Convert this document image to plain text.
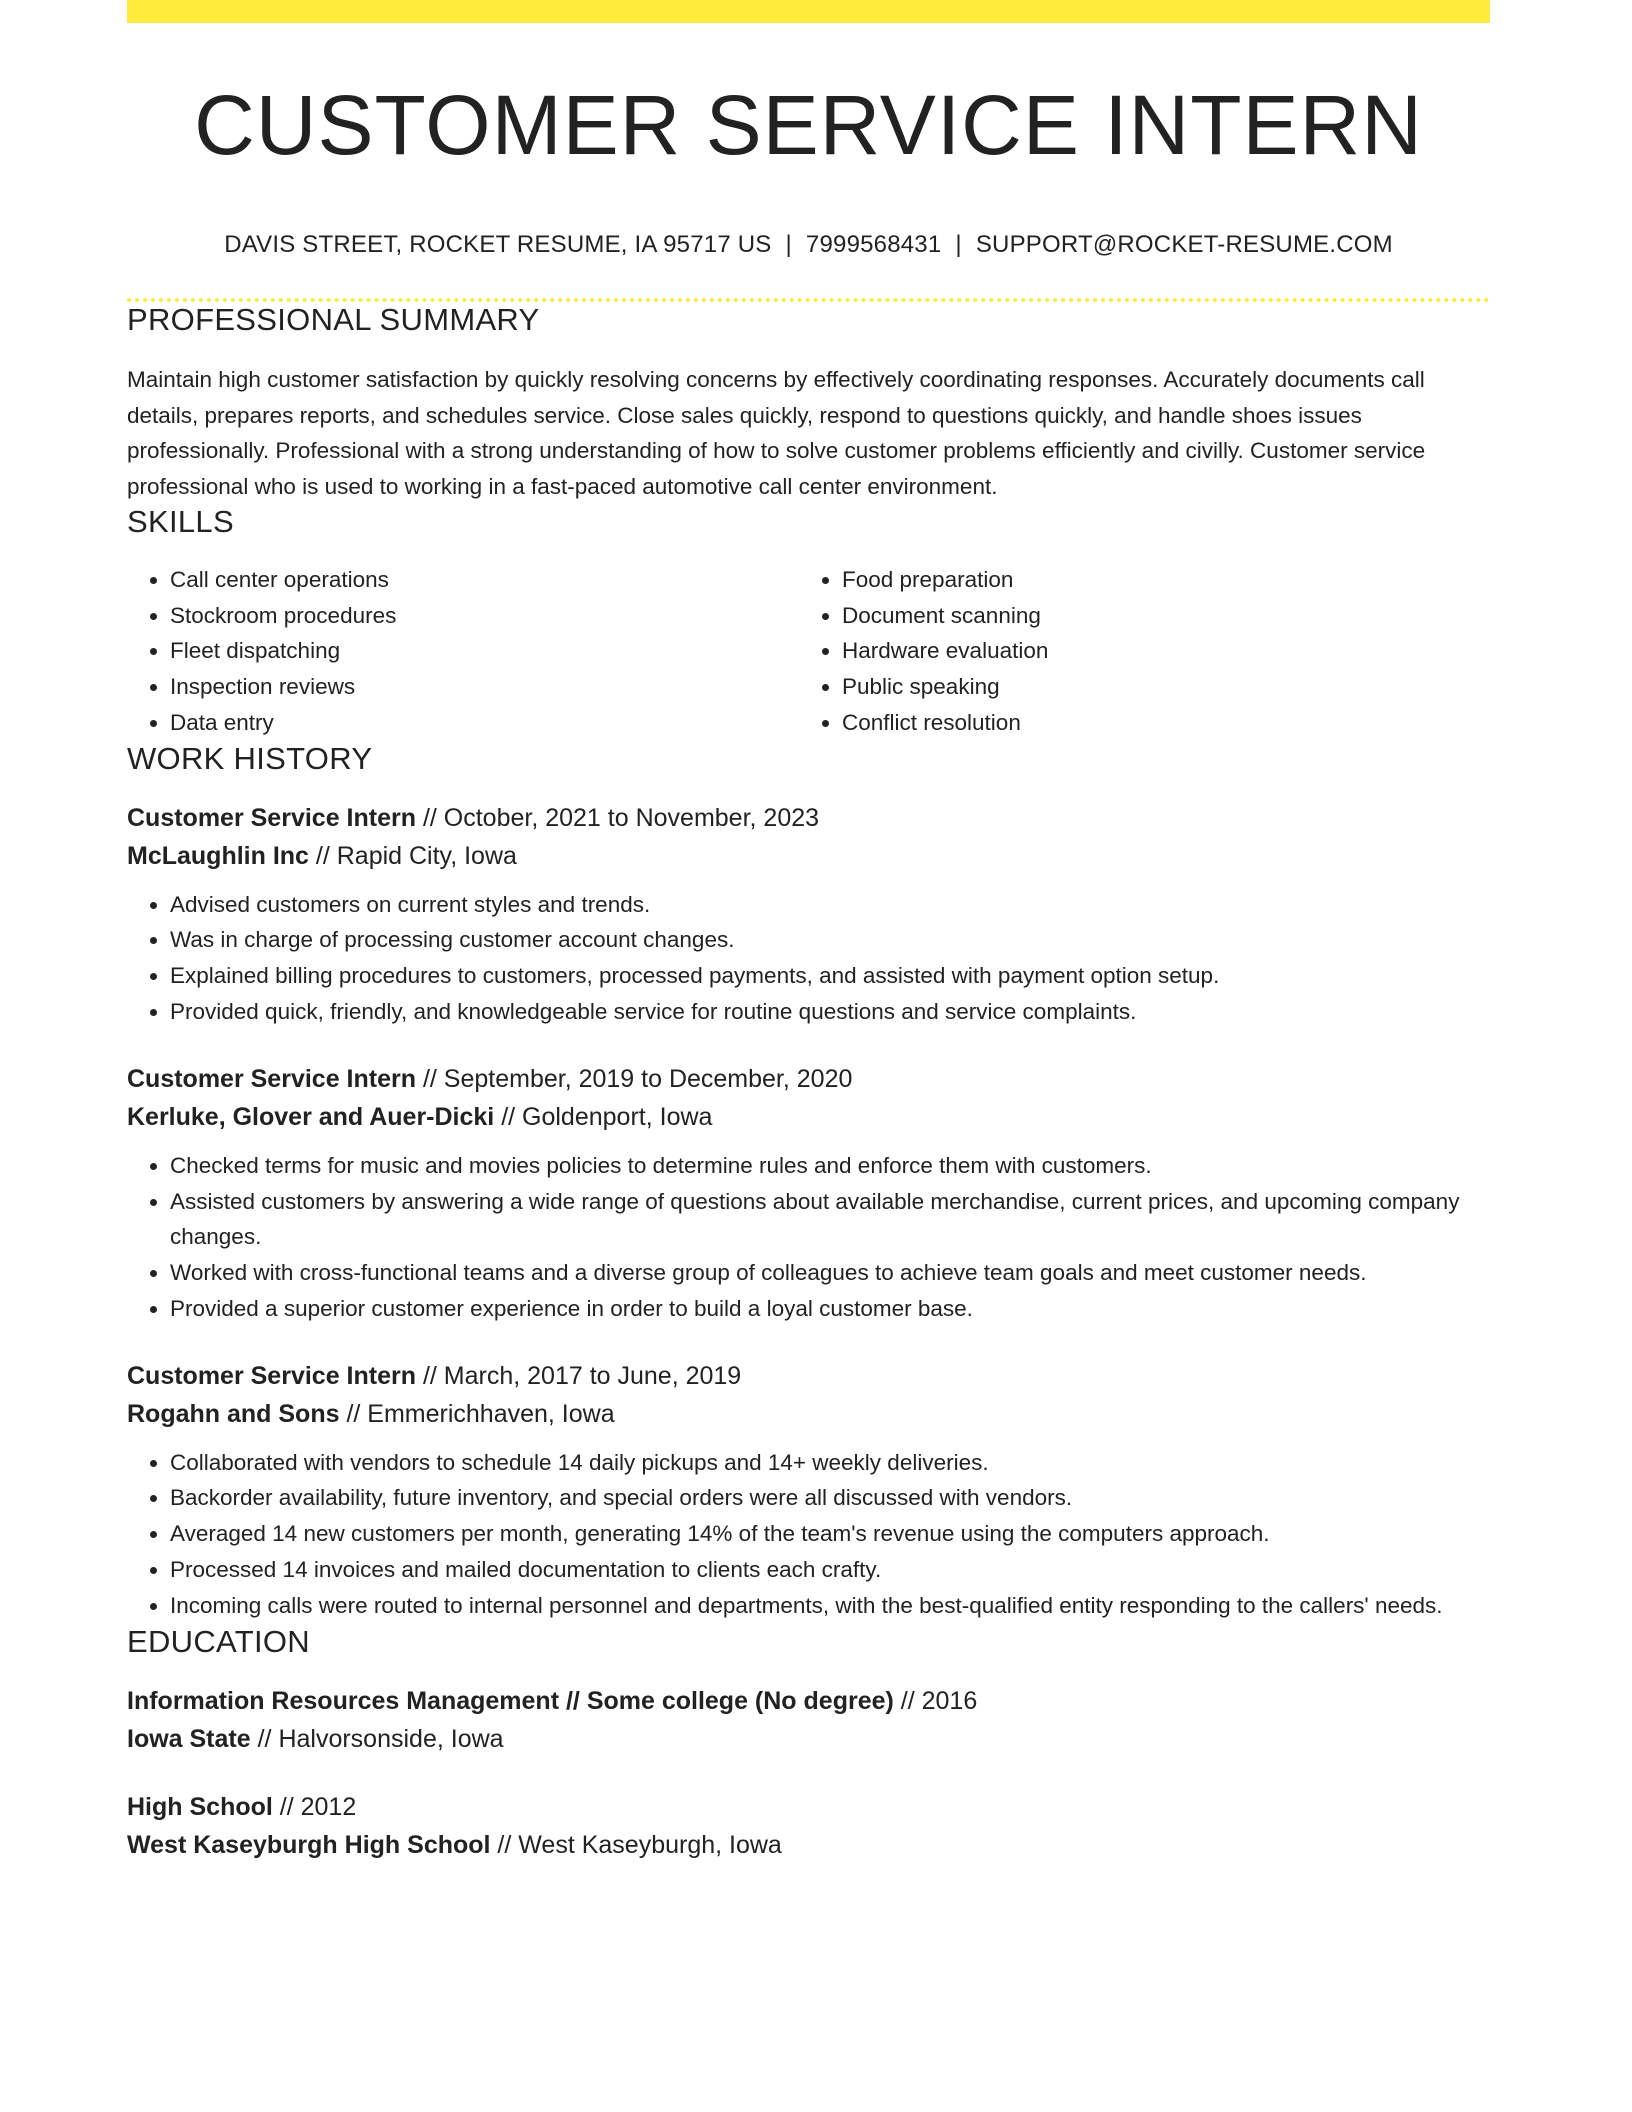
CUSTOMER SERVICE INTERN
DAVIS STREET, ROCKET RESUME, IA 95717 US | 7999568431 | SUPPORT@ROCKET-RESUME.COM
PROFESSIONAL SUMMARY
Maintain high customer satisfaction by quickly resolving concerns by effectively coordinating responses. Accurately documents call details, prepares reports, and schedules service. Close sales quickly, respond to questions quickly, and handle shoes issues professionally. Professional with a strong understanding of how to solve customer problems efficiently and civilly. Customer service professional who is used to working in a fast-paced automotive call center environment.
SKILLS
• Call center operations
• Stockroom procedures
• Fleet dispatching
• Inspection reviews
• Data entry
• Food preparation
• Document scanning
• Hardware evaluation
• Public speaking
• Conflict resolution
WORK HISTORY
Customer Service Intern // October, 2021 to November, 2023
McLaughlin Inc // Rapid City, Iowa
• Advised customers on current styles and trends.
• Was in charge of processing customer account changes.
• Explained billing procedures to customers, processed payments, and assisted with payment option setup.
• Provided quick, friendly, and knowledgeable service for routine questions and service complaints.
Customer Service Intern // September, 2019 to December, 2020
Kerluke, Glover and Auer-Dicki // Goldenport, Iowa
• Checked terms for music and movies policies to determine rules and enforce them with customers.
• Assisted customers by answering a wide range of questions about available merchandise, current prices, and upcoming company changes.
• Worked with cross-functional teams and a diverse group of colleagues to achieve team goals and meet customer needs.
• Provided a superior customer experience in order to build a loyal customer base.
Customer Service Intern // March, 2017 to June, 2019
Rogahn and Sons // Emmerichhaven, Iowa
• Collaborated with vendors to schedule 14 daily pickups and 14+ weekly deliveries.
• Backorder availability, future inventory, and special orders were all discussed with vendors.
• Averaged 14 new customers per month, generating 14% of the team's revenue using the computers approach.
• Processed 14 invoices and mailed documentation to clients each crafty.
• Incoming calls were routed to internal personnel and departments, with the best-qualified entity responding to the callers' needs.
EDUCATION
Information Resources Management // Some college (No degree) // 2016
Iowa State // Halvorsonside, Iowa
High School // 2012
West Kaseyburgh High School // West Kaseyburgh, Iowa
